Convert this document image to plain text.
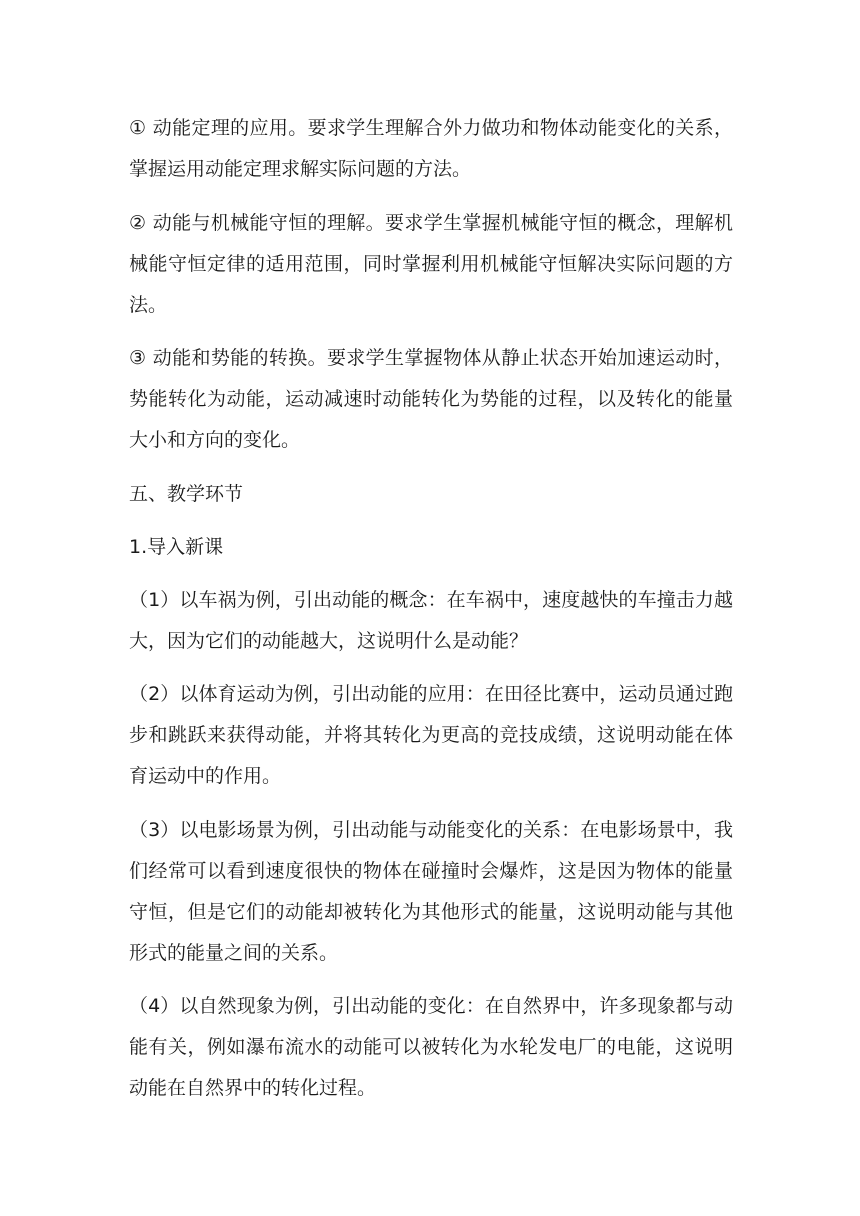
① 动能定理的应用。要求学生理解合外力做功和物体动能变化的关系，掌握运用动能定理求解实际问题的方法。

② 动能与机械能守恒的理解。要求学生掌握机械能守恒的概念，理解机械能守恒定律的适用范围，同时掌握利用机械能守恒解决实际问题的方法。

③ 动能和势能的转换。要求学生掌握物体从静止状态开始加速运动时，势能转化为动能，运动减速时动能转化为势能的过程，以及转化的能量大小和方向的变化。

五、教学环节

1.导入新课

（1）以车祸为例，引出动能的概念：在车祸中，速度越快的车撞击力越大，因为它们的动能越大，这说明什么是动能？

（2）以体育运动为例，引出动能的应用：在田径比赛中，运动员通过跑步和跳跃来获得动能，并将其转化为更高的竞技成绩，这说明动能在体育运动中的作用。

（3）以电影场景为例，引出动能与动能变化的关系：在电影场景中，我们经常可以看到速度很快的物体在碰撞时会爆炸，这是因为物体的能量守恒，但是它们的动能却被转化为其他形式的能量，这说明动能与其他形式的能量之间的关系。

（4）以自然现象为例，引出动能的变化：在自然界中，许多现象都与动能有关，例如瀑布流水的动能可以被转化为水轮发电厂的电能，这说明动能在自然界中的转化过程。
